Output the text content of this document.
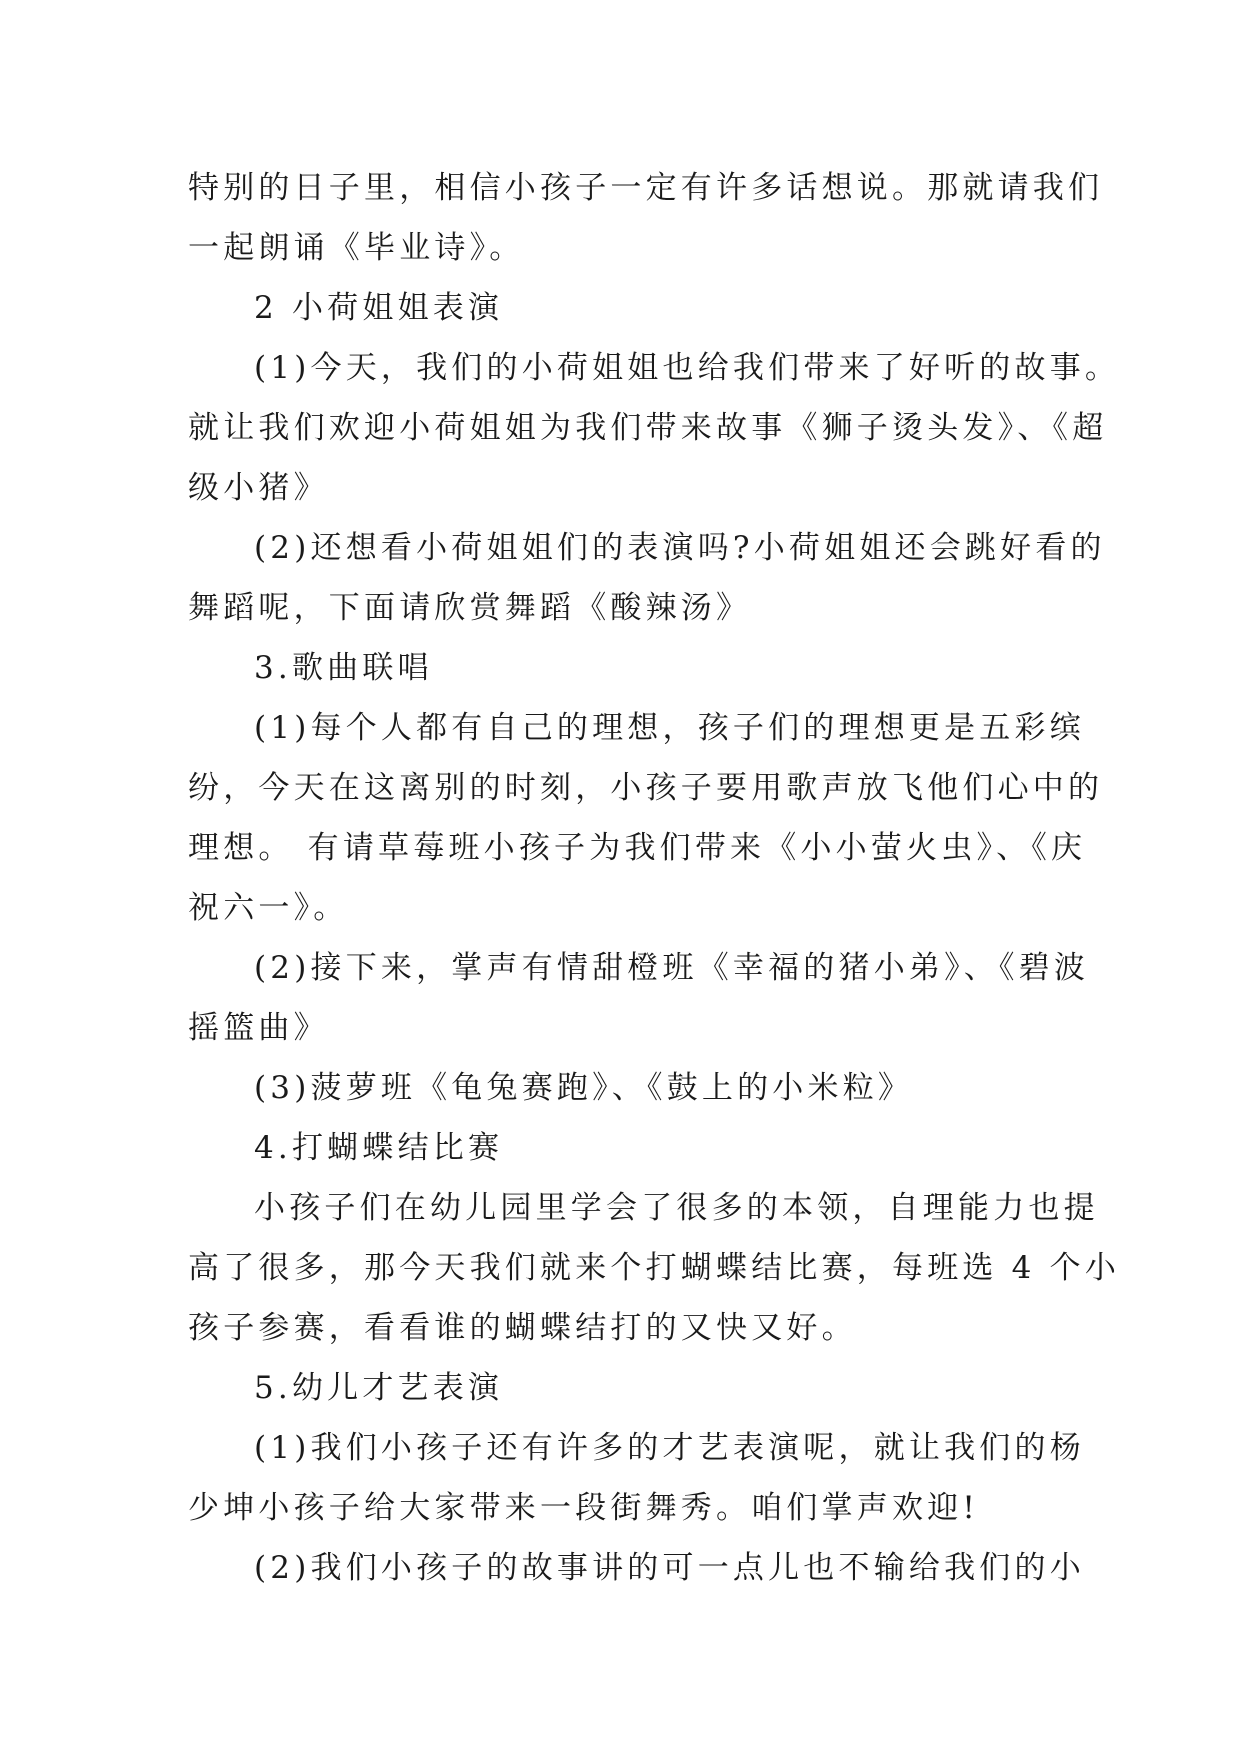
特别的日子里，相信小孩子一定有许多话想说。那就请我们
一起朗诵《毕业诗》。
2 小荷姐姐表演
(1)今天，我们的小荷姐姐也给我们带来了好听的故事。
就让我们欢迎小荷姐姐为我们带来故事《狮子烫头发》、《超
级小猪》
(2)还想看小荷姐姐们的表演吗?小荷姐姐还会跳好看的
舞蹈呢，下面请欣赏舞蹈《酸辣汤》
3.歌曲联唱
(1)每个人都有自己的理想，孩子们的理想更是五彩缤
纷，今天在这离别的时刻，小孩子要用歌声放飞他们心中的
理想。 有请草莓班小孩子为我们带来《小小萤火虫》、《庆
祝六一》。
(2)接下来，掌声有情甜橙班《幸福的猪小弟》、《碧波
摇篮曲》
(3)菠萝班《龟兔赛跑》、《鼓上的小米粒》
4.打蝴蝶结比赛
小孩子们在幼儿园里学会了很多的本领，自理能力也提
高了很多，那今天我们就来个打蝴蝶结比赛，每班选 4 个小
孩子参赛，看看谁的蝴蝶结打的又快又好。
5.幼儿才艺表演
(1)我们小孩子还有许多的才艺表演呢，就让我们的杨
少坤小孩子给大家带来一段街舞秀。咱们掌声欢迎!
(2)我们小孩子的故事讲的可一点儿也不输给我们的小
